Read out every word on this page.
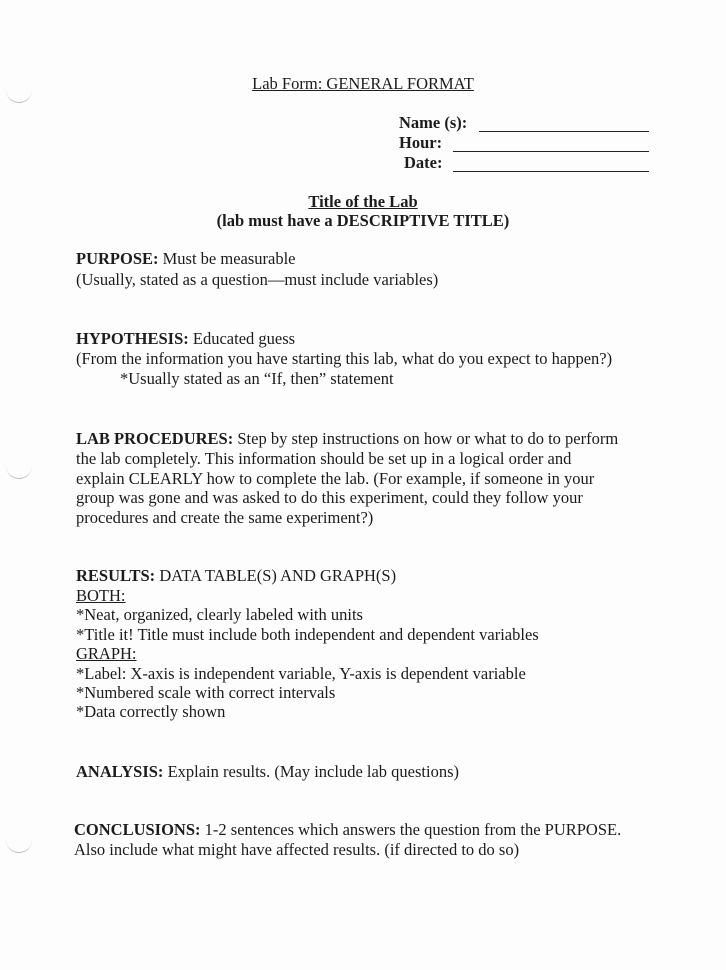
Lab Form: GENERAL FORMAT
Name (s):
Hour:
Date:
Title of the Lab
(lab must have a DESCRIPTIVE TITLE)
PURPOSE: Must be measurable
(Usually, stated as a question—must include variables)
HYPOTHESIS: Educated guess
(From the information you have starting this lab, what do you expect to happen?)
*Usually stated as an “If, then” statement
LAB PROCEDURES: Step by step instructions on how or what to do to perform
the lab completely. This information should be set up in a logical order and
explain CLEARLY how to complete the lab. (For example, if someone in your
group was gone and was asked to do this experiment, could they follow your
procedures and create the same experiment?)
RESULTS: DATA TABLE(S) AND GRAPH(S)
BOTH:
*Neat, organized, clearly labeled with units
*Title it! Title must include both independent and dependent variables
GRAPH:
*Label: X-axis is independent variable, Y-axis is dependent variable
*Numbered scale with correct intervals
*Data correctly shown
ANALYSIS: Explain results. (May include lab questions)
CONCLUSIONS: 1-2 sentences which answers the question from the PURPOSE.
Also include what might have affected results. (if directed to do so)
